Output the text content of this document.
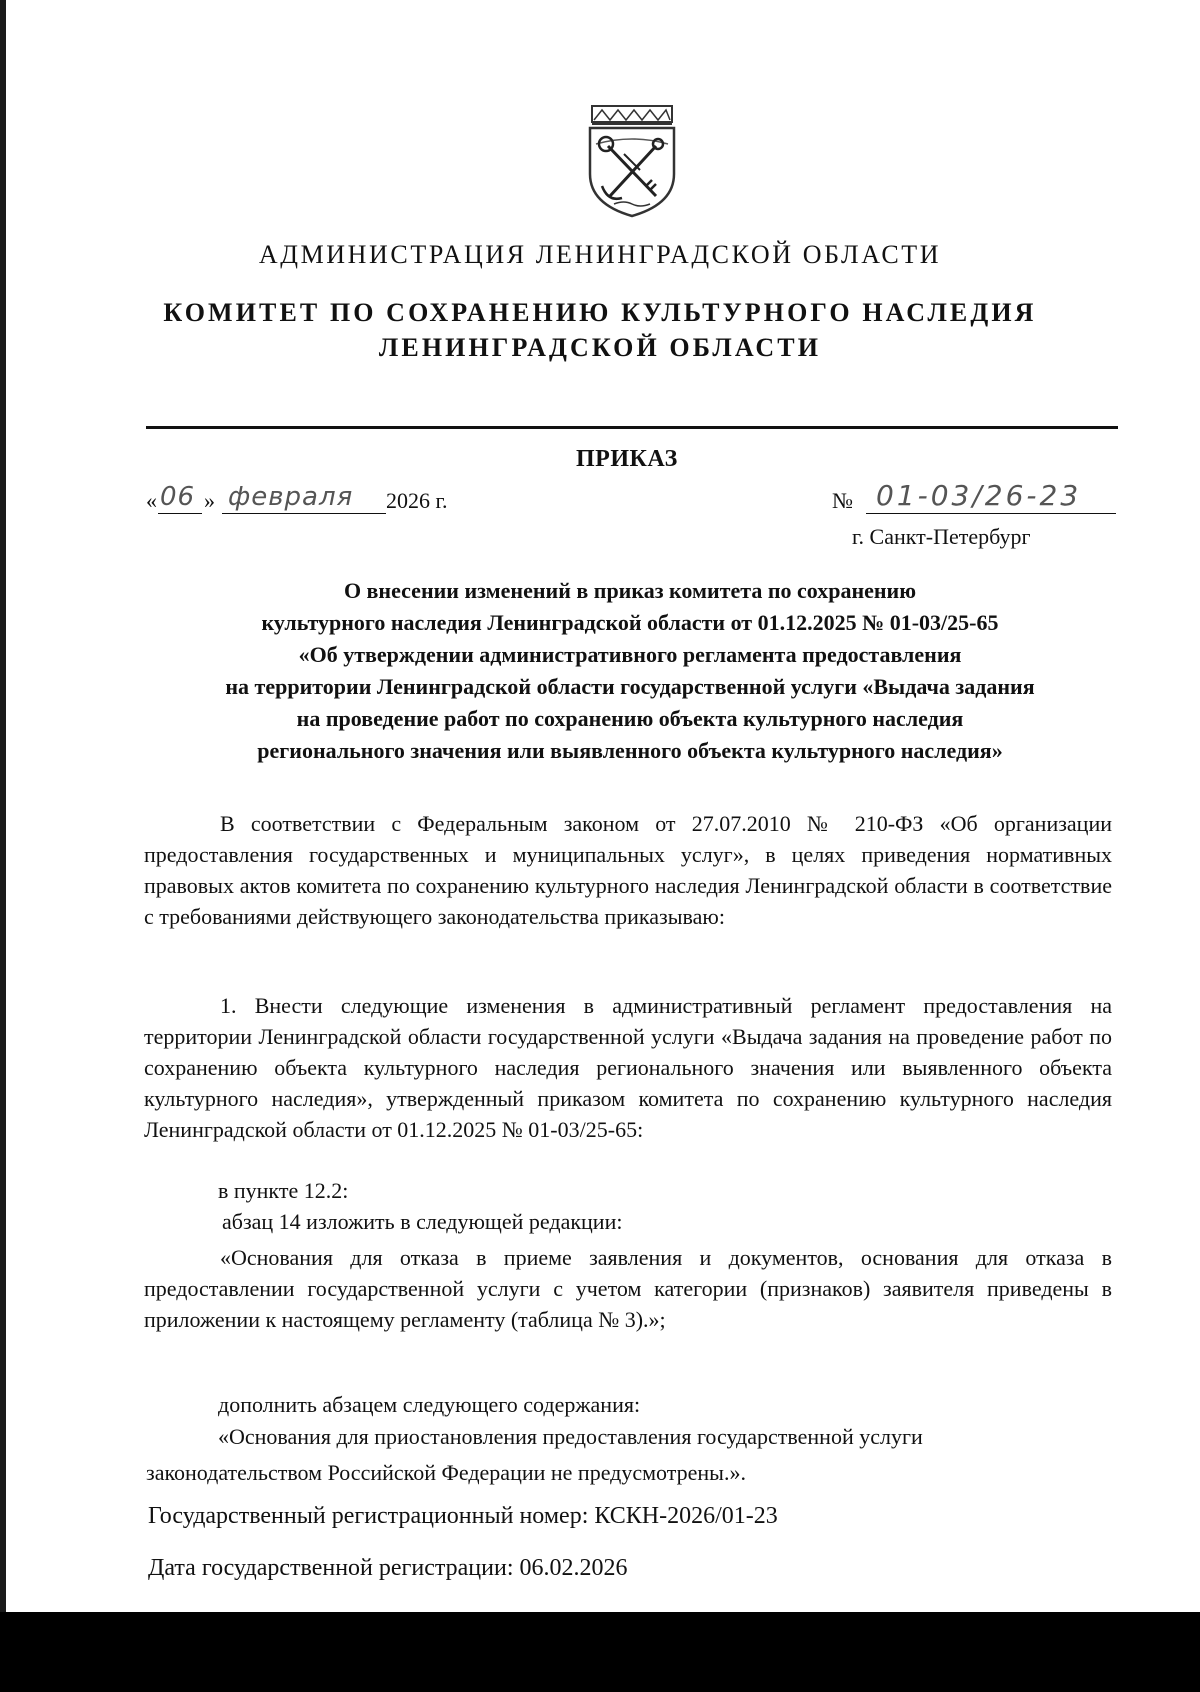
АДМИНИСТРАЦИЯ ЛЕНИНГРАДСКОЙ ОБЛАСТИ
КОМИТЕТ ПО СОХРАНЕНИЮ КУЛЬТУРНОГО НАСЛЕДИЯ
ЛЕНИНГРАДСКОЙ ОБЛАСТИ
ПРИКАЗ
« 06 » февраля 2026 г.	№ 01-03/26-23
г. Санкт-Петербург
О внесении изменений в приказ комитета по сохранению
культурного наследия Ленинградской области от 01.12.2025 № 01-03/25-65
«Об утверждении административного регламента предоставления
на территории Ленинградской области государственной услуги «Выдача задания
на проведение работ по сохранению объекта культурного наследия
регионального значения или выявленного объекта культурного наследия»
В соответствии с Федеральным законом от 27.07.2010 № 210-ФЗ «Об организации предоставления государственных и муниципальных услуг», в целях приведения нормативных правовых актов комитета по сохранению культурного наследия Ленинградской области в соответствие с требованиями действующего законодательства приказываю:
1. Внести следующие изменения в административный регламент предоставления на территории Ленинградской области государственной услуги «Выдача задания на проведение работ по сохранению объекта культурного наследия регионального значения или выявленного объекта культурного наследия», утвержденный приказом комитета по сохранению культурного наследия Ленинградской области от 01.12.2025 № 01-03/25-65:
в пункте 12.2:
абзац 14 изложить в следующей редакции:
«Основания для отказа в приеме заявления и документов, основания для отказа в предоставлении государственной услуги с учетом категории (признаков) заявителя приведены в приложении к настоящему регламенту (таблица № 3).»;
дополнить абзацем следующего содержания:
«Основания для приостановления предоставления государственной услуги
законодательством Российской Федерации не предусмотрены.».
Государственный регистрационный номер: КСКН-2026/01-23
Дата государственной регистрации: 06.02.2026
